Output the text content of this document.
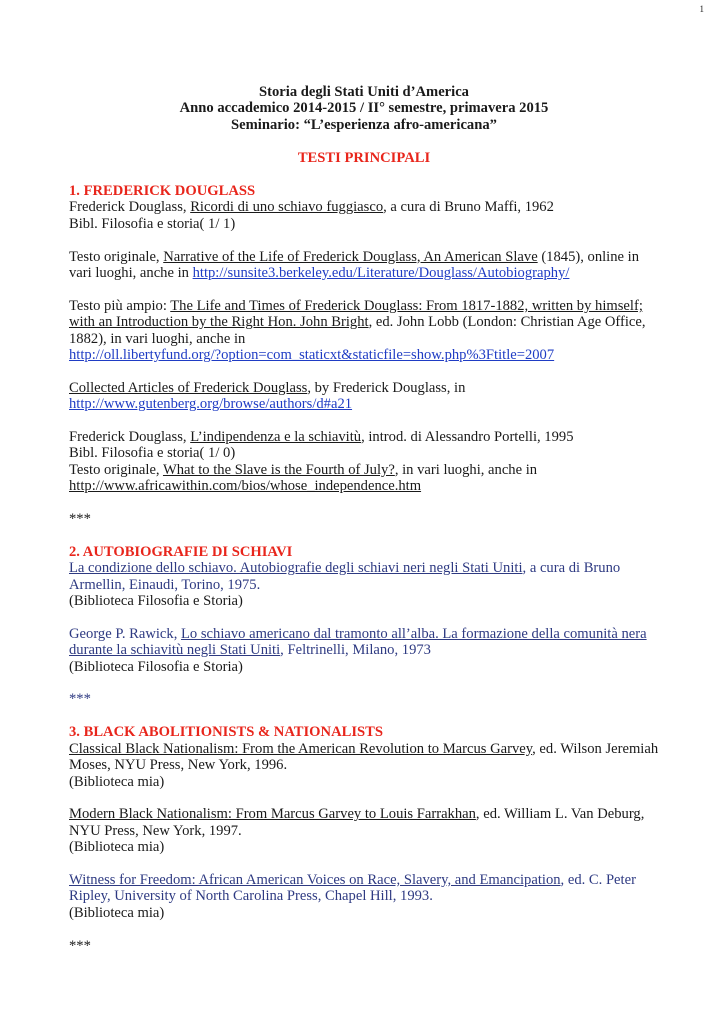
1
Storia degli Stati Uniti d’America
Anno accademico 2014-2015 / II° semestre, primavera 2015
Seminario: “L’esperienza afro-americana”
TESTI PRINCIPALI
1. FREDERICK DOUGLASS
Frederick Douglass, Ricordi di uno schiavo fuggiasco, a cura di Bruno Maffi, 1962
Bibl. Filosofia e storia( 1/ 1)
Testo originale, Narrative of the Life of Frederick Douglass, An American Slave (1845), online in vari luoghi, anche in http://sunsite3.berkeley.edu/Literature/Douglass/Autobiography/
Testo più ampio: The Life and Times of Frederick Douglass: From 1817-1882, written by himself; with an Introduction by the Right Hon. John Bright, ed. John Lobb (London: Christian Age Office, 1882), in vari luoghi, anche in
http://oll.libertyfund.org/?option=com_staticxt&staticfile=show.php%3Ftitle=2007
Collected Articles of Frederick Douglass, by Frederick Douglass, in
http://www.gutenberg.org/browse/authors/d#a21
Frederick Douglass, L’indipendenza e la schiavitù, introd. di Alessandro Portelli, 1995
Bibl. Filosofia e storia( 1/ 0)
Testo originale, What to the Slave is the Fourth of July?, in vari luoghi, anche in
http://www.africawithin.com/bios/whose_independence.htm
***
2. AUTOBIOGRAFIE DI SCHIAVI
La condizione dello schiavo. Autobiografie degli schiavi neri negli Stati Uniti, a cura di Bruno Armellin, Einaudi, Torino, 1975.
(Biblioteca Filosofia e Storia)
George P. Rawick, Lo schiavo americano dal tramonto all’alba. La formazione della comunità nera durante la schiavitù negli Stati Uniti, Feltrinelli, Milano, 1973
(Biblioteca Filosofia e Storia)
***
3. BLACK ABOLITIONISTS & NATIONALISTS
Classical Black Nationalism: From the American Revolution to Marcus Garvey, ed. Wilson Jeremiah Moses, NYU Press, New York, 1996.
(Biblioteca mia)
Modern Black Nationalism: From Marcus Garvey to Louis Farrakhan, ed. William L. Van Deburg, NYU Press, New York, 1997.
(Biblioteca mia)
Witness for Freedom: African American Voices on Race, Slavery, and Emancipation, ed. C. Peter Ripley, University of North Carolina Press, Chapel Hill, 1993.
(Biblioteca mia)
***
